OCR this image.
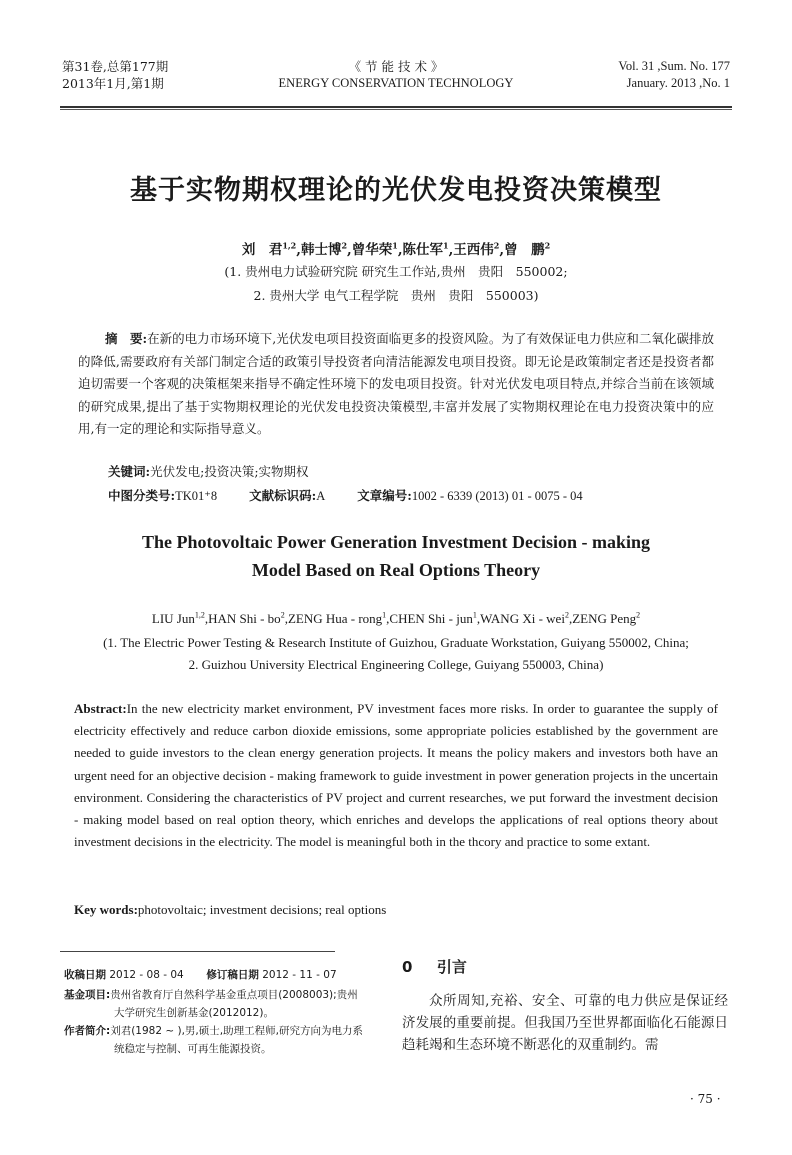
第31卷,总第177期
2013年1月,第1期
《 节 能 技 术 》
ENERGY CONSERVATION TECHNOLOGY
Vol. 31 ,Sum. No. 177
January. 2013 ,No. 1
基于实物期权理论的光伏发电投资决策模型
刘　君$^{1,2}$,韩士博$^2$,曾华荣$^1$,陈仕军$^1$,王西伟$^2$,曾　鹏$^2$
(1. 贵州电力试验研究院 研究生工作站,贵州　贵阳　550002;
2. 贵州大学 电气工程学院　贵州　贵阳　550003)
摘　要:在新的电力市场环境下,光伏发电项目投资面临更多的投资风险。为了有效保证电力供应和二氧化碳排放的降低,需要政府有关部门制定合适的政策引导投资者向清洁能源发电项目投资。即无论是政策制定者还是投资者都迫切需要一个客观的决策框架来指导不确定性环境下的发电项目投资。针对光伏发电项目特点,并综合当前在该领域的研究成果,提出了基于实物期权理论的光伏发电投资决策模型,丰富并发展了实物期权理论在电力投资决策中的应用,有一定的理论和实际指导意义。
关键词:光伏发电;投资决策;实物期权
中图分类号:TK01⁺8	文献标识码:A	文章编号:1002 - 6339 (2013) 01 - 0075 - 04
The Photovoltaic Power Generation Investment Decision - making
Model Based on Real Options Theory
LIU Jun$^{1,2}$,HAN Shi - $bo^2,ZENG$ Hua - rong$^1$,CHEN Shi - jun$^1$,WANG Xi - wei$^2$,ZENG Peng$^2$
(1. The Electric Power Testing & Research Institute of Guizhou, Graduate Workstation, Guiyang 550002, China;
2. Guizhou University Electrical Engineering College, Guiyang 550003, China)
Abstract:In the new electricity market environment, PV investment faces more risks. In order to guarantee the supply of electricity effectively and reduce carbon dioxide emissions, some appropriate policies established by the government are needed to guide investors to the clean energy generation projects. It means the policy makers and investors both have an urgent need for an objective decision - making framework to guide investment in power generation projects in the uncertain environment. Considering the characteristics of PV project and current researches, we put forward the investment decision - making model based on real option theory, which enriches and develops the applications of real options theory about investment decisions in the electricity. The model is meaningful both in the thcory and practice to some extant.
Key words:photovoltaic; investment decisions; real options
收稿日期 2012 - 08 - 04 修订稿日期 2012 - 11 - 07
基金项目:贵州省教育厅自然科学基金重点项目(2008003);贵州大学研究生创新基金(2012012)。
作者简介:刘君(1982 ~ ),男,硕士,助理工程师,研究方向为电力系统稳定与控制、可再生能源投资。
0 引言
众所周知,充裕、安全、可靠的电力供应是保证经济发展的重要前提。但我国乃至世界都面临化石能源日趋耗竭和生态环境不断恶化的双重制约。需
· 75 ·
